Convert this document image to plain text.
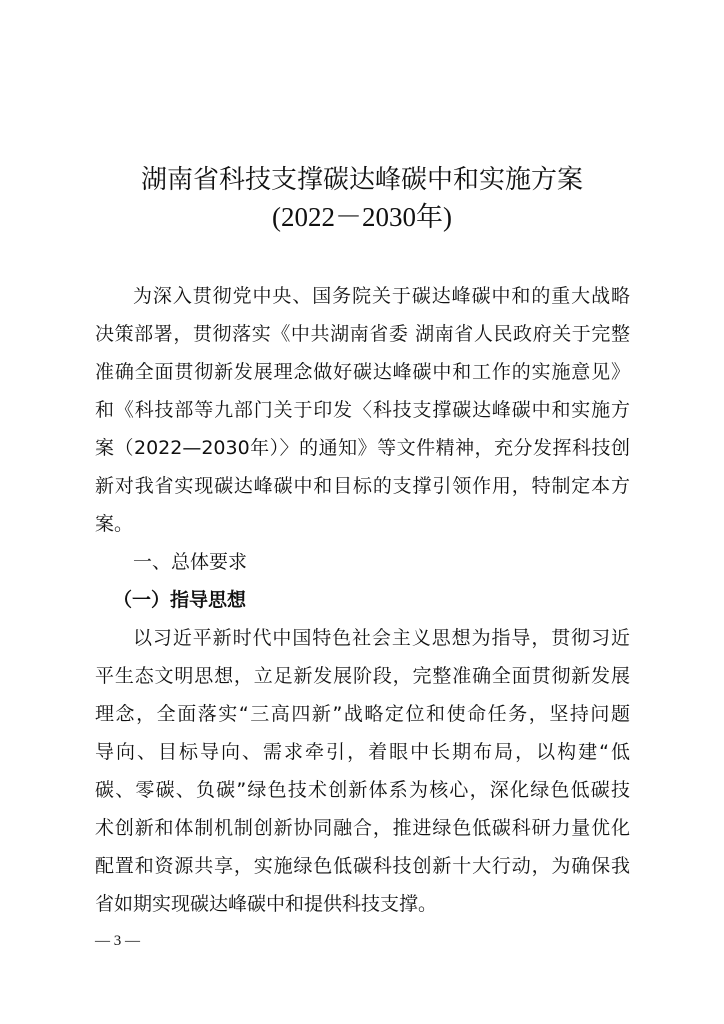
湖南省科技支撑碳达峰碳中和实施方案
(2022－2030年)
为深入贯彻党中央、国务院关于碳达峰碳中和的重大战略
决策部署，贯彻落实《中共湖南省委 湖南省人民政府关于完整
准确全面贯彻新发展理念做好碳达峰碳中和工作的实施意见》
和《科技部等九部门关于印发〈科技支撑碳达峰碳中和实施方
案（2022—2030年）〉的通知》等文件精神，充分发挥科技创
新对我省实现碳达峰碳中和目标的支撑引领作用，特制定本方
案。
一、总体要求
（一）指导思想
以习近平新时代中国特色社会主义思想为指导，贯彻习近
平生态文明思想，立足新发展阶段，完整准确全面贯彻新发展
理念，全面落实“三高四新”战略定位和使命任务，坚持问题
导向、目标导向、需求牵引，着眼中长期布局，以构建“低
碳、零碳、负碳”绿色技术创新体系为核心，深化绿色低碳技
术创新和体制机制创新协同融合，推进绿色低碳科研力量优化
配置和资源共享，实施绿色低碳科技创新十大行动，为确保我
省如期实现碳达峰碳中和提供科技支撑。
— 3 —
